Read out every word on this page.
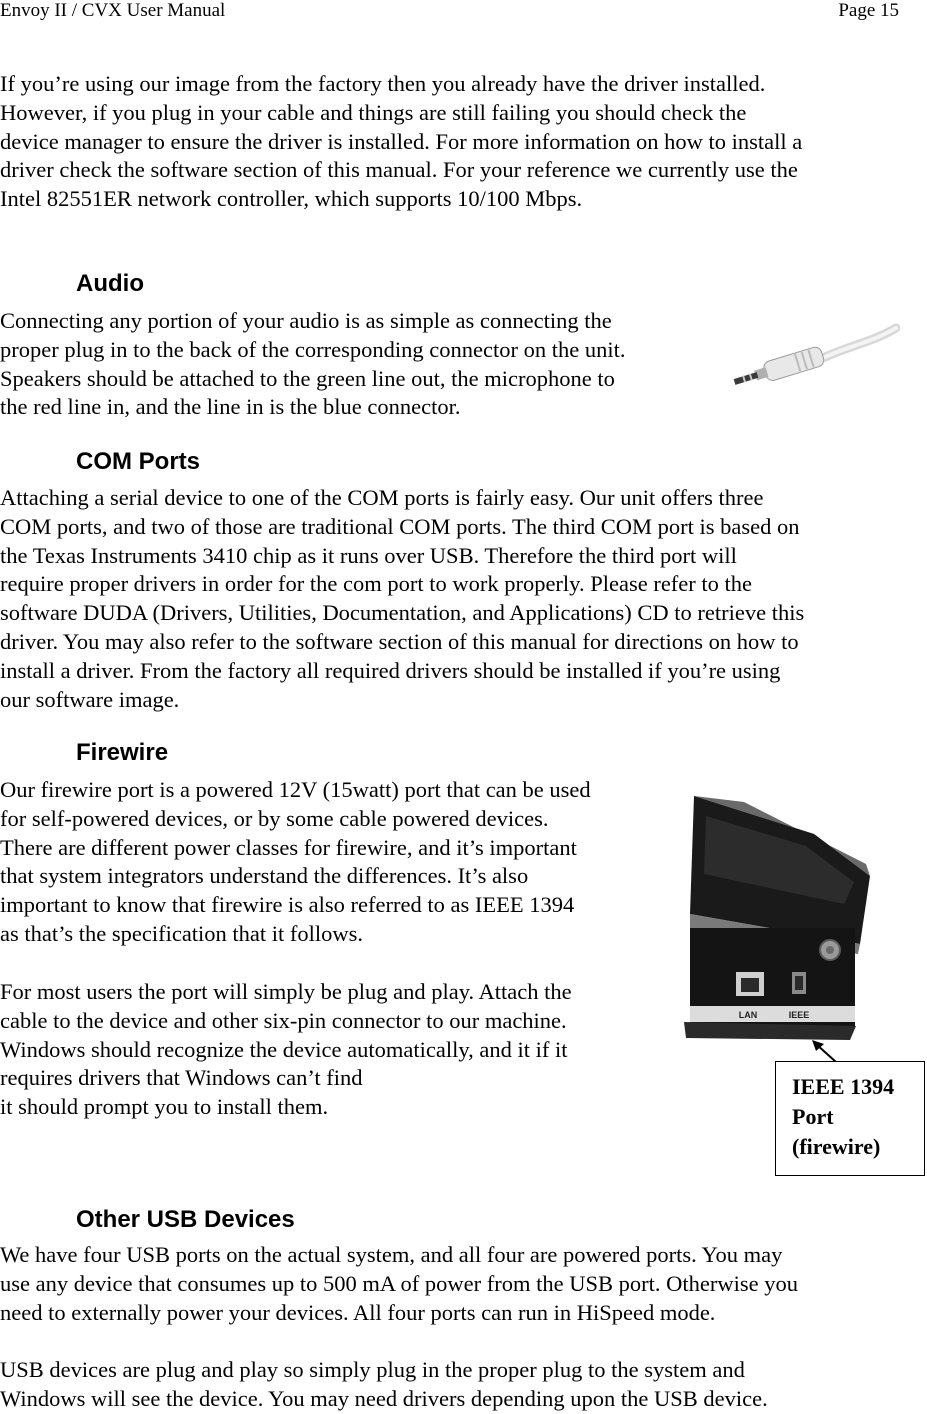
Envoy II / CVX User Manual	Page 15

If you’re using our image from the factory then you already have the driver installed.
However, if you plug in your cable and things are still failing you should check the
device manager to ensure the driver is installed. For more information on how to install a
driver check the software section of this manual. For your reference we currently use the
Intel 82551ER network controller, which supports 10/100 Mbps.

Audio

Connecting any portion of your audio is as simple as connecting the
proper plug in to the back of the corresponding connector on the unit.
Speakers should be attached to the green line out, the microphone to
the red line in, and the line in is the blue connector.

COM Ports

Attaching a serial device to one of the COM ports is fairly easy. Our unit offers three
COM ports, and two of those are traditional COM ports. The third COM port is based on
the Texas Instruments 3410 chip as it runs over USB. Therefore the third port will
require proper drivers in order for the com port to work properly. Please refer to the
software DUDA (Drivers, Utilities, Documentation, and Applications) CD to retrieve this
driver. You may also refer to the software section of this manual for directions on how to
install a driver. From the factory all required drivers should be installed if you’re using
our software image.

Firewire

Our firewire port is a powered 12V (15watt) port that can be used
for self-powered devices, or by some cable powered devices.
There are different power classes for firewire, and it’s important
that system integrators understand the differences. It’s also
important to know that firewire is also referred to as IEEE 1394
as that’s the specification that it follows.

For most users the port will simply be plug and play. Attach the
cable to the device and other six-pin connector to our machine.
Windows should recognize the device automatically, and it if it
requires drivers that Windows can’t find
it should prompt you to install them.

LAN	IEEE
IEEE 1394
Port
(firewire)
Other USB Devices

We have four USB ports on the actual system, and all four are powered ports. You may
use any device that consumes up to 500 mA of power from the USB port. Otherwise you
need to externally power your devices. All four ports can run in HiSpeed mode.

USB devices are plug and play so simply plug in the proper plug to the system and
Windows will see the device. You may need drivers depending upon the USB device.
